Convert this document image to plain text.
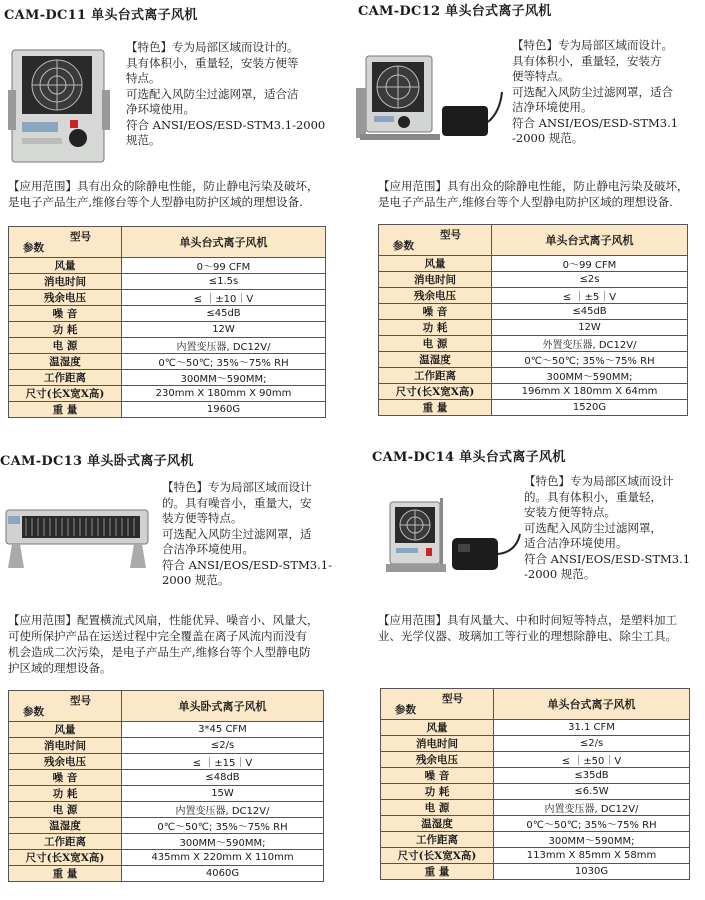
CAM-DC11 单头台式离子风机
【特色】专为局部区域而设计的。
具有体积小，重量轻，安装方便等
特点。
可选配入风防尘过滤网罩，适合洁
净环境使用。
符合 ANSI/EOS/ESD-STM3.1-2000
规范。
【应用范围】具有出众的除静电性能，防止静电污染及破坏，
是电子产品生产,维修台等个人型静电防护区域的理想设备.
型号
参数	单头台式离子风机
风量	0～99 CFM
消电时间	≤1.5s
残余电压	≤ ｜±10｜V
噪 音	≤45dB
功 耗	12W
电 源	内置变压器, DC12V/
温湿度	0℃～50℃; 35%～75% RH
工作距离	300MM～590MM;
尺寸(长X宽X高)	230mm X 180mm X 90mm
重 量	1960G
CAM-DC12 单头台式离子风机
【特色】专为局部区域而设计。
具有体积小，重量轻，安装方
便等特点。
可选配入风防尘过滤网罩，适合
洁净环境使用。
符合 ANSI/EOS/ESD-STM3.1
-2000 规范。
【应用范围】具有出众的除静电性能，防止静电污染及破坏，
是电子产品生产,维修台等个人型静电防护区域的理想设备.
型号
参数	单头台式离子风机
风量	0～99 CFM
消电时间	≤2s
残余电压	≤ ｜±5｜V
噪 音	≤45dB
功 耗	12W
电 源	外置变压器, DC12V/
温湿度	0℃～50℃; 35%～75% RH
工作距离	300MM～590MM;
尺寸(长X宽X高)	196mm X 180mm X 64mm
重 量	1520G
CAM-DC13 单头卧式离子风机
【特色】专为局部区域而设计
的。具有噪音小，重量大，安
装方便等特点。
可选配入风防尘过滤网罩，适
合洁净环境使用。
符合 ANSI/EOS/ESD-STM3.1-
2000 规范。
【应用范围】配置横流式风扇，性能优异、噪音小、风量大，
可使所保护产品在运送过程中完全覆盖在离子风流内而没有
机会造成二次污染，是电子产品生产,维修台等个人型静电防
护区域的理想设备。
型号
参数	单头卧式离子风机
风量	3*45 CFM
消电时间	≤2/s
残余电压	≤ ｜±15｜V
噪 音	≤48dB
功 耗	15W
电 源	内置变压器, DC12V/
温湿度	0℃～50℃; 35%～75% RH
工作距离	300MM～590MM;
尺寸(长X宽X高)	435mm X 220mm X 110mm
重 量	4060G
CAM-DC14 单头台式离子风机
【特色】专为局部区域而设计
的。具有体积小，重量轻，
安装方便等特点。
可选配入风防尘过滤网罩，
适合洁净环境使用。
符合 ANSI/EOS/ESD-STM3.1
-2000 规范。
【应用范围】具有风量大、中和时间短等特点，是塑料加工
业、光学仪器、玻璃加工等行业的理想除静电、除尘工具。
型号
参数	单头台式离子风机
风量	31.1 CFM
消电时间	≤2/s
残余电压	≤ ｜±50｜V
噪 音	≤35dB
功 耗	≤6.5W
电 源	内置变压器, DC12V/
温湿度	0℃～50℃; 35%～75% RH
工作距离	300MM～590MM;
尺寸(长X宽X高)	113mm X 85mm X 58mm
重 量	1030G
